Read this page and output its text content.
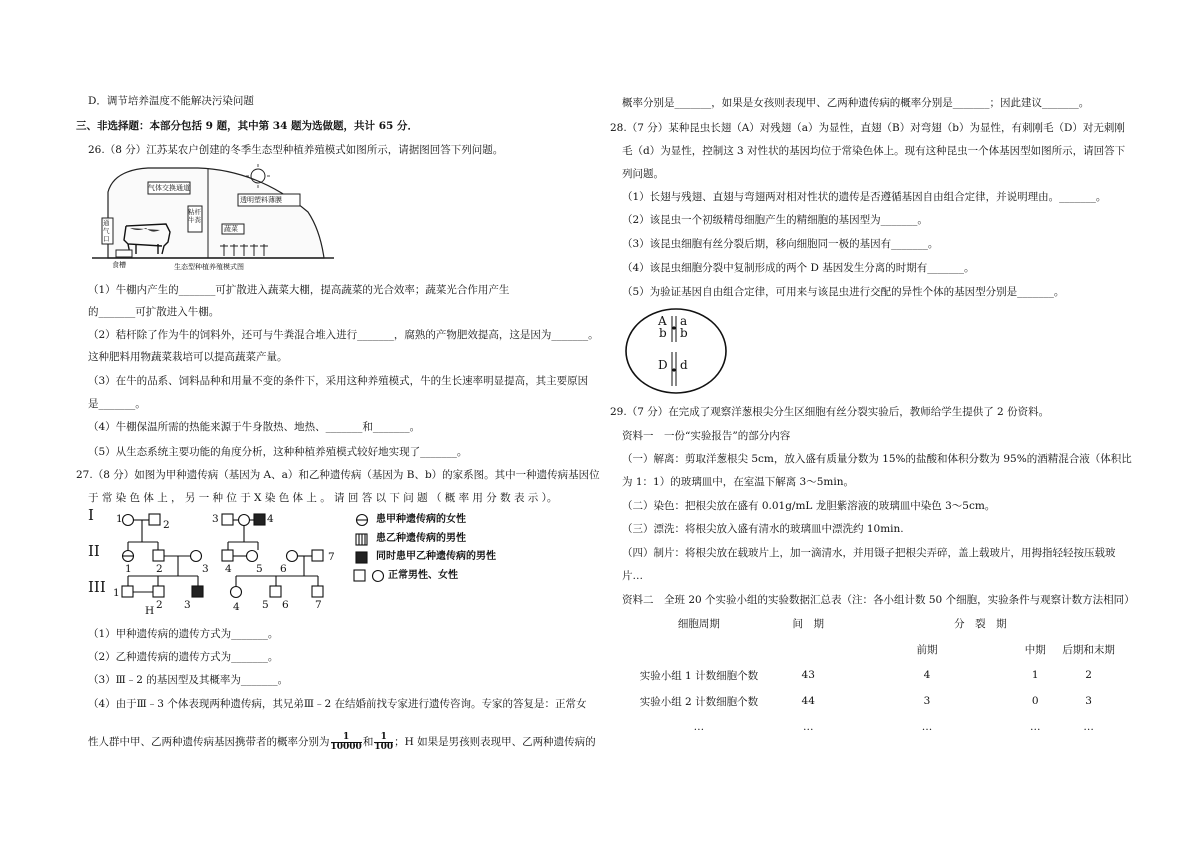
D．调节培养温度不能解决污染问题
三、非选择题：本部分包括 9 题，其中第 34 题为选做题，共计 65 分．
26.（8 分）江苏某农户创建的冬季生态型种植养殖模式如图所示，请据图回答下列问题。
气体交换通道
透明塑料薄膜
粘杆牛粪
蔬菜
通气口
食槽	生态型种植养殖模式图
（1）牛棚内产生的_______可扩散进入蔬菜大棚，提高蔬菜的光合效率；蔬菜光合作用产生
的_______可扩散进入牛棚。
（2）秸杆除了作为牛的饲料外，还可与牛粪混合堆入进行_______，腐熟的产物肥效提高，这是因为_______。
这种肥料用物蔬菜栽培可以提高蔬菜产量。
（3）在牛的品系、饲料品种和用量不变的条件下，采用这种养殖模式，牛的生长速率明显提高，其主要原因
是_______。
（4）牛棚保温所需的热能来源于牛身散热、地热、_______和_______。
（5）从生态系统主要功能的角度分析，这种种植养殖模式较好地实现了_______。
27.（8 分）如图为甲种遗传病（基因为 A、a）和乙种遗传病（基因为 B、b）的家系图。其中一种遗传病基因位
于 常 染 色 体 上 ， 另 一 种 位 于 X 染 色 体 上 。 请 回 答 以 下 问 题 （ 概 率 用 分 数 表 示 ）。
I
II
III
1	2	3	4
1 2	3 4 5 6
7
1
2
H	3	4 5 6	7
患甲种遗传病的女性
患乙种遗传病的男性
同时患甲乙种遗传病的男性
正常男性、女性
（1）甲种遗传病的遗传方式为_______。
（2）乙种遗传病的遗传方式为_______。
（3）Ⅲ﹣2 的基因型及其概率为_______。
（4）由于Ⅲ﹣3 个体表现两种遗传病，其兄弟Ⅲ﹣2 在结婚前找专家进行遗传咨询。专家的答复是：正常女
性人群中甲、乙两种遗传病基因携带者的概率分别为 $\frac{1}{10000}$ 和 $\frac{1}{100}$ ；H 如果是男孩则表现甲、乙两种遗传病的
概率分别是_______，如果是女孩则表现甲、乙两种遗传病的概率分别是_______；因此建议_______。
28.（7 分）某种昆虫长翅（A）对残翅（a）为显性，直翅（B）对弯翅（b）为显性，有刺刚毛（D）对无刺刚
毛（d）为显性，控制这 3 对性状的基因均位于常染色体上。现有这种昆虫一个体基因型如图所示，请回答下
列问题。
（1）长翅与残翅、直翅与弯翅两对相对性状的遗传是否遵循基因自由组合定律，并说明理由。_______。
（2）该昆虫一个初级精母细胞产生的精细胞的基因型为_______。
（3）该昆虫细胞有丝分裂后期，移向细胞同一极的基因有_______。
（4）该昆虫细胞分裂中复制形成的两个 D 基因发生分离的时期有_______。
（5）为验证基因自由组合定律，可用来与该昆虫进行交配的异性个体的基因型分别是_______。
A a
b b
D d
29.（7 分）在完成了观察洋葱根尖分生区细胞有丝分裂实验后，教师给学生提供了 2 份资料。
资料一　一份“实验报告”的部分内容
（一）解离：剪取洋葱根尖 5cm，放入盛有质量分数为 15%的盐酸和体积分数为 95%的酒精混合液（体积比
为 1：1）的玻璃皿中，在室温下解离 3～5min。
（二）染色：把根尖放在盛有 0.01g/mL 龙胆紫溶液的玻璃皿中染色 3～5cm。
（三）漂洗：将根尖放入盛有清水的玻璃皿中漂洗约 10min.
（四）制片：将根尖放在载玻片上，加一滴清水，并用镊子把根尖弄碎，盖上载玻片，用拇指轻轻按压载玻
片…
资料二　全班 20 个实验小组的实验数据汇总表（注：各小组计数 50 个细胞，实验条件与观察计数方法相同）
细胞周期	间　期	分　裂　期		
		前期	中期	后期和末期
实验小组 1 计数细胞个数	43	4	1	2
实验小组 2 计数细胞个数	44	3	0	3
…	…	…	…	…
